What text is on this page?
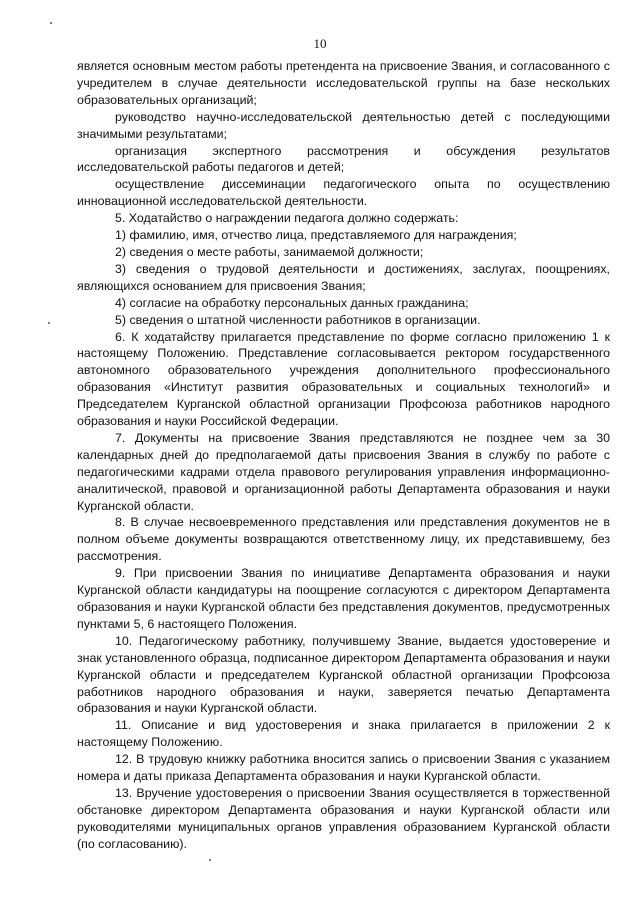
10

является основным местом работы претендента на присвоение Звания, и согласованного с учредителем в случае деятельности исследовательской группы на базе нескольких образовательных организаций;

руководство научно-исследовательской деятельностью детей с последующими значимыми результатами;

организация экспертного рассмотрения и обсуждения результатов исследовательской работы педагогов и детей;

осуществление диссеминации педагогического опыта по осуществлению инновационной исследовательской деятельности.

5. Ходатайство о награждении педагога должно содержать:

1) фамилию, имя, отчество лица, представляемого для награждения;

2) сведения о месте работы, занимаемой должности;

3) сведения о трудовой деятельности и достижениях, заслугах, поощрениях, являющихся основанием для присвоения Звания;

4) согласие на обработку персональных данных гражданина;

5) сведения о штатной численности работников в организации.

6. К ходатайству прилагается представление по форме согласно приложению 1 к настоящему Положению. Представление согласовывается ректором государственного автономного образовательного учреждения дополнительного профессионального образования «Институт развития образовательных и социальных технологий» и Председателем Курганской областной организации Профсоюза работников народного образования и науки Российской Федерации.

7. Документы на присвоение Звания представляются не позднее чем за 30 календарных дней до предполагаемой даты присвоения Звания в службу по работе с педагогическими кадрами отдела правового регулирования управления информационно-аналитической, правовой и организационной работы Департамента образования и науки Курганской области.

8. В случае несвоевременного представления или представления документов не в полном объеме документы возвращаются ответственному лицу, их представившему, без рассмотрения.

9. При присвоении Звания по инициативе Департамента образования и науки Курганской области кандидатуры на поощрение согласуются с директором Департамента образования и науки Курганской области без представления документов, предусмотренных пунктами 5, 6 настоящего Положения.

10. Педагогическому работнику, получившему Звание, выдается удостоверение и знак установленного образца, подписанное директором Департамента образования и науки Курганской области и председателем Курганской областной организации Профсоюза работников народного образования и науки, заверяется печатью Департамента образования и науки Курганской области.

11. Описание и вид удостоверения и знака прилагается в приложении 2 к настоящему Положению.

12. В трудовую книжку работника вносится запись о присвоении Звания с указанием номера и даты приказа Департамента образования и науки Курганской области.

13. Вручение удостоверения о присвоении Звания осуществляется в торжественной обстановке директором Департамента образования и науки Курганской области или руководителями муниципальных органов управления образованием Курганской области (по согласованию).
